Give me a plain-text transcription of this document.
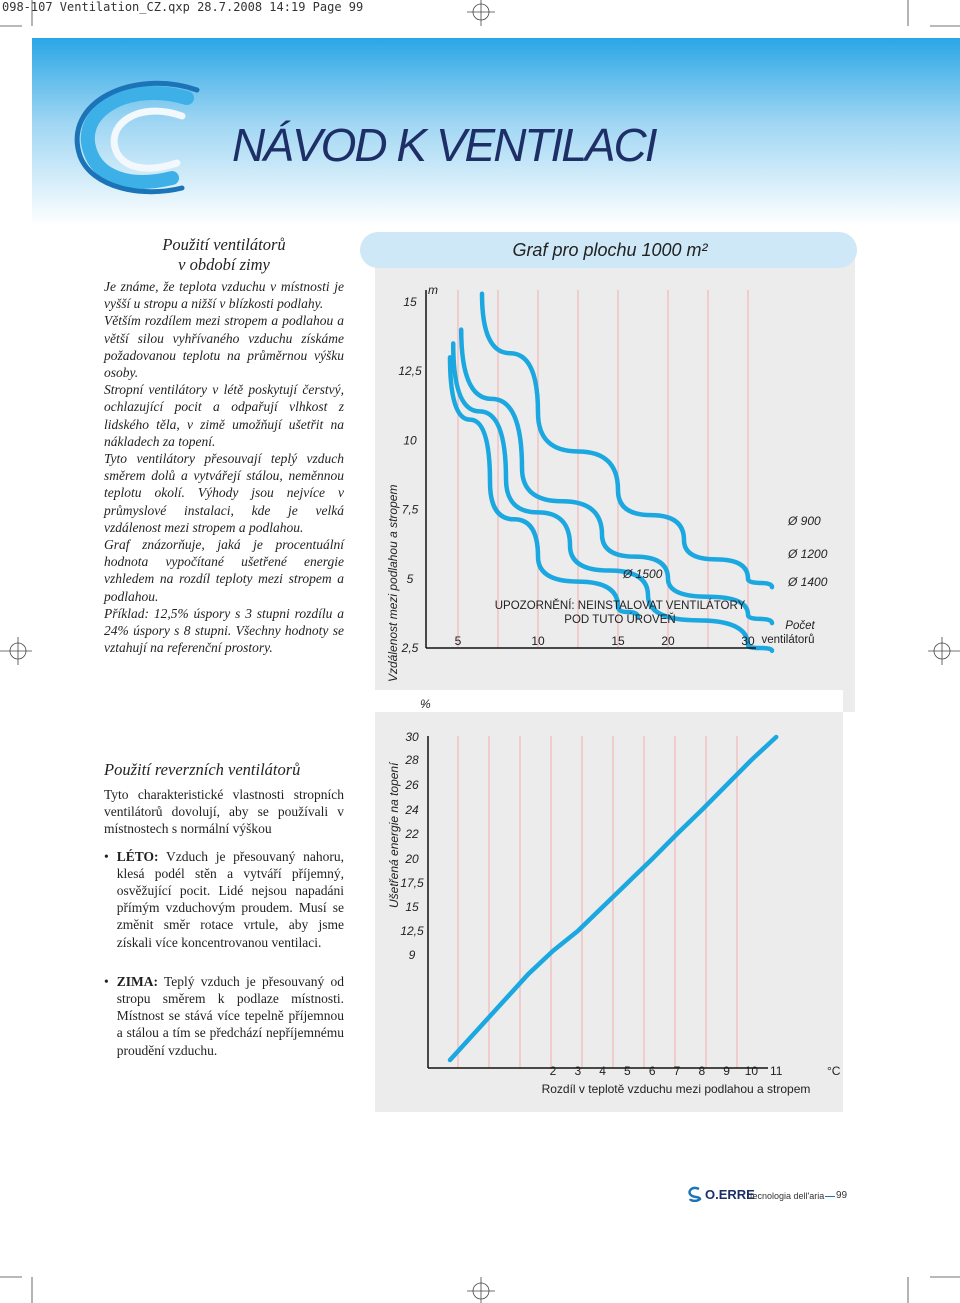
098-107 Ventilation_CZ.qxp 28.7.2008 14:19 Page 99
NÁVOD K VENTILACI
Použití ventilátorů
v období zimy

Je známe, že teplota vzduchu v místnosti je vyšší u stropu a nižší v blízkosti podlahy.

Větším rozdílem mezi stropem a podlahou a větší silou vyhřívaného vzduchu získáme požadovanou teplotu na průměrnou výšku osoby.

Stropní ventilátory v létě poskytují čerstvý, ochlazující pocit a odpařují vlhkost z lidského těla, v zimě umožňují ušetřit na nákladech za topení.

Tyto ventilátory přesouvají teplý vzduch směrem dolů a vytvářejí stálou, neměnnou teplotu okolí. Výhody jsou nejvíce v průmyslové instalaci, kde je velká vzdálenost mezi stropem a podlahou.

Graf znázorňuje, jaká je procentuální hodnota vypočítané ušetřené energie vzhledem na rozdíl teploty mezi stropem a podlahou.

Příklad: 12,5% úspory s 3 stupni rozdílu a 24% úspory s 8 stupni. Všechny hodnoty se vztahují na referenční prostory.

Použití reverzních ventilátorů

Tyto charakteristické vlastnosti stropních ventilátorů dovolují, aby se používali v místnostech s normální výškou

• LÉTO: Vzduch je přesouvaný nahoru, klesá podél stěn a vytváří příjemný, osvěžující pocit. Lidé nejsou napadáni přímým vzduchovým proudem. Musí se změnit směr rotace vrtule, aby jsme získali více koncentrovanou ventilaci.

• ZIMA: Teplý vzduch je přesouvaný od stropu směrem k podlaze místnosti. Místnost se stává více tepelně příjemnou a stálou a tím se předchází nepříjemnému proudění vzduchu.

Graf pro plochu 1000 m²
Ø 1500
Ø 900
Ø 1200
Ø 1400
15
12,5
10
7,5
5
2,5	5	10	15	20	30
m
Vzdálenost mezi podlahou a stropem	UPOZORNĚNÍ: NEINSTALOVAT VENTILÁTORY POD TUTO ÚROVEŇ	Počet
ventilátorů
%
30
28
26
24
22
20
17,5
15
12,5
9
2 3 4 5 6 7 8 9 10 11
Ušetřená energie na topení
°C
Rozdíl v teplotě vzduchu mezi podlahou a stropem
O.ERRE
tecnologia dell'aria 99
